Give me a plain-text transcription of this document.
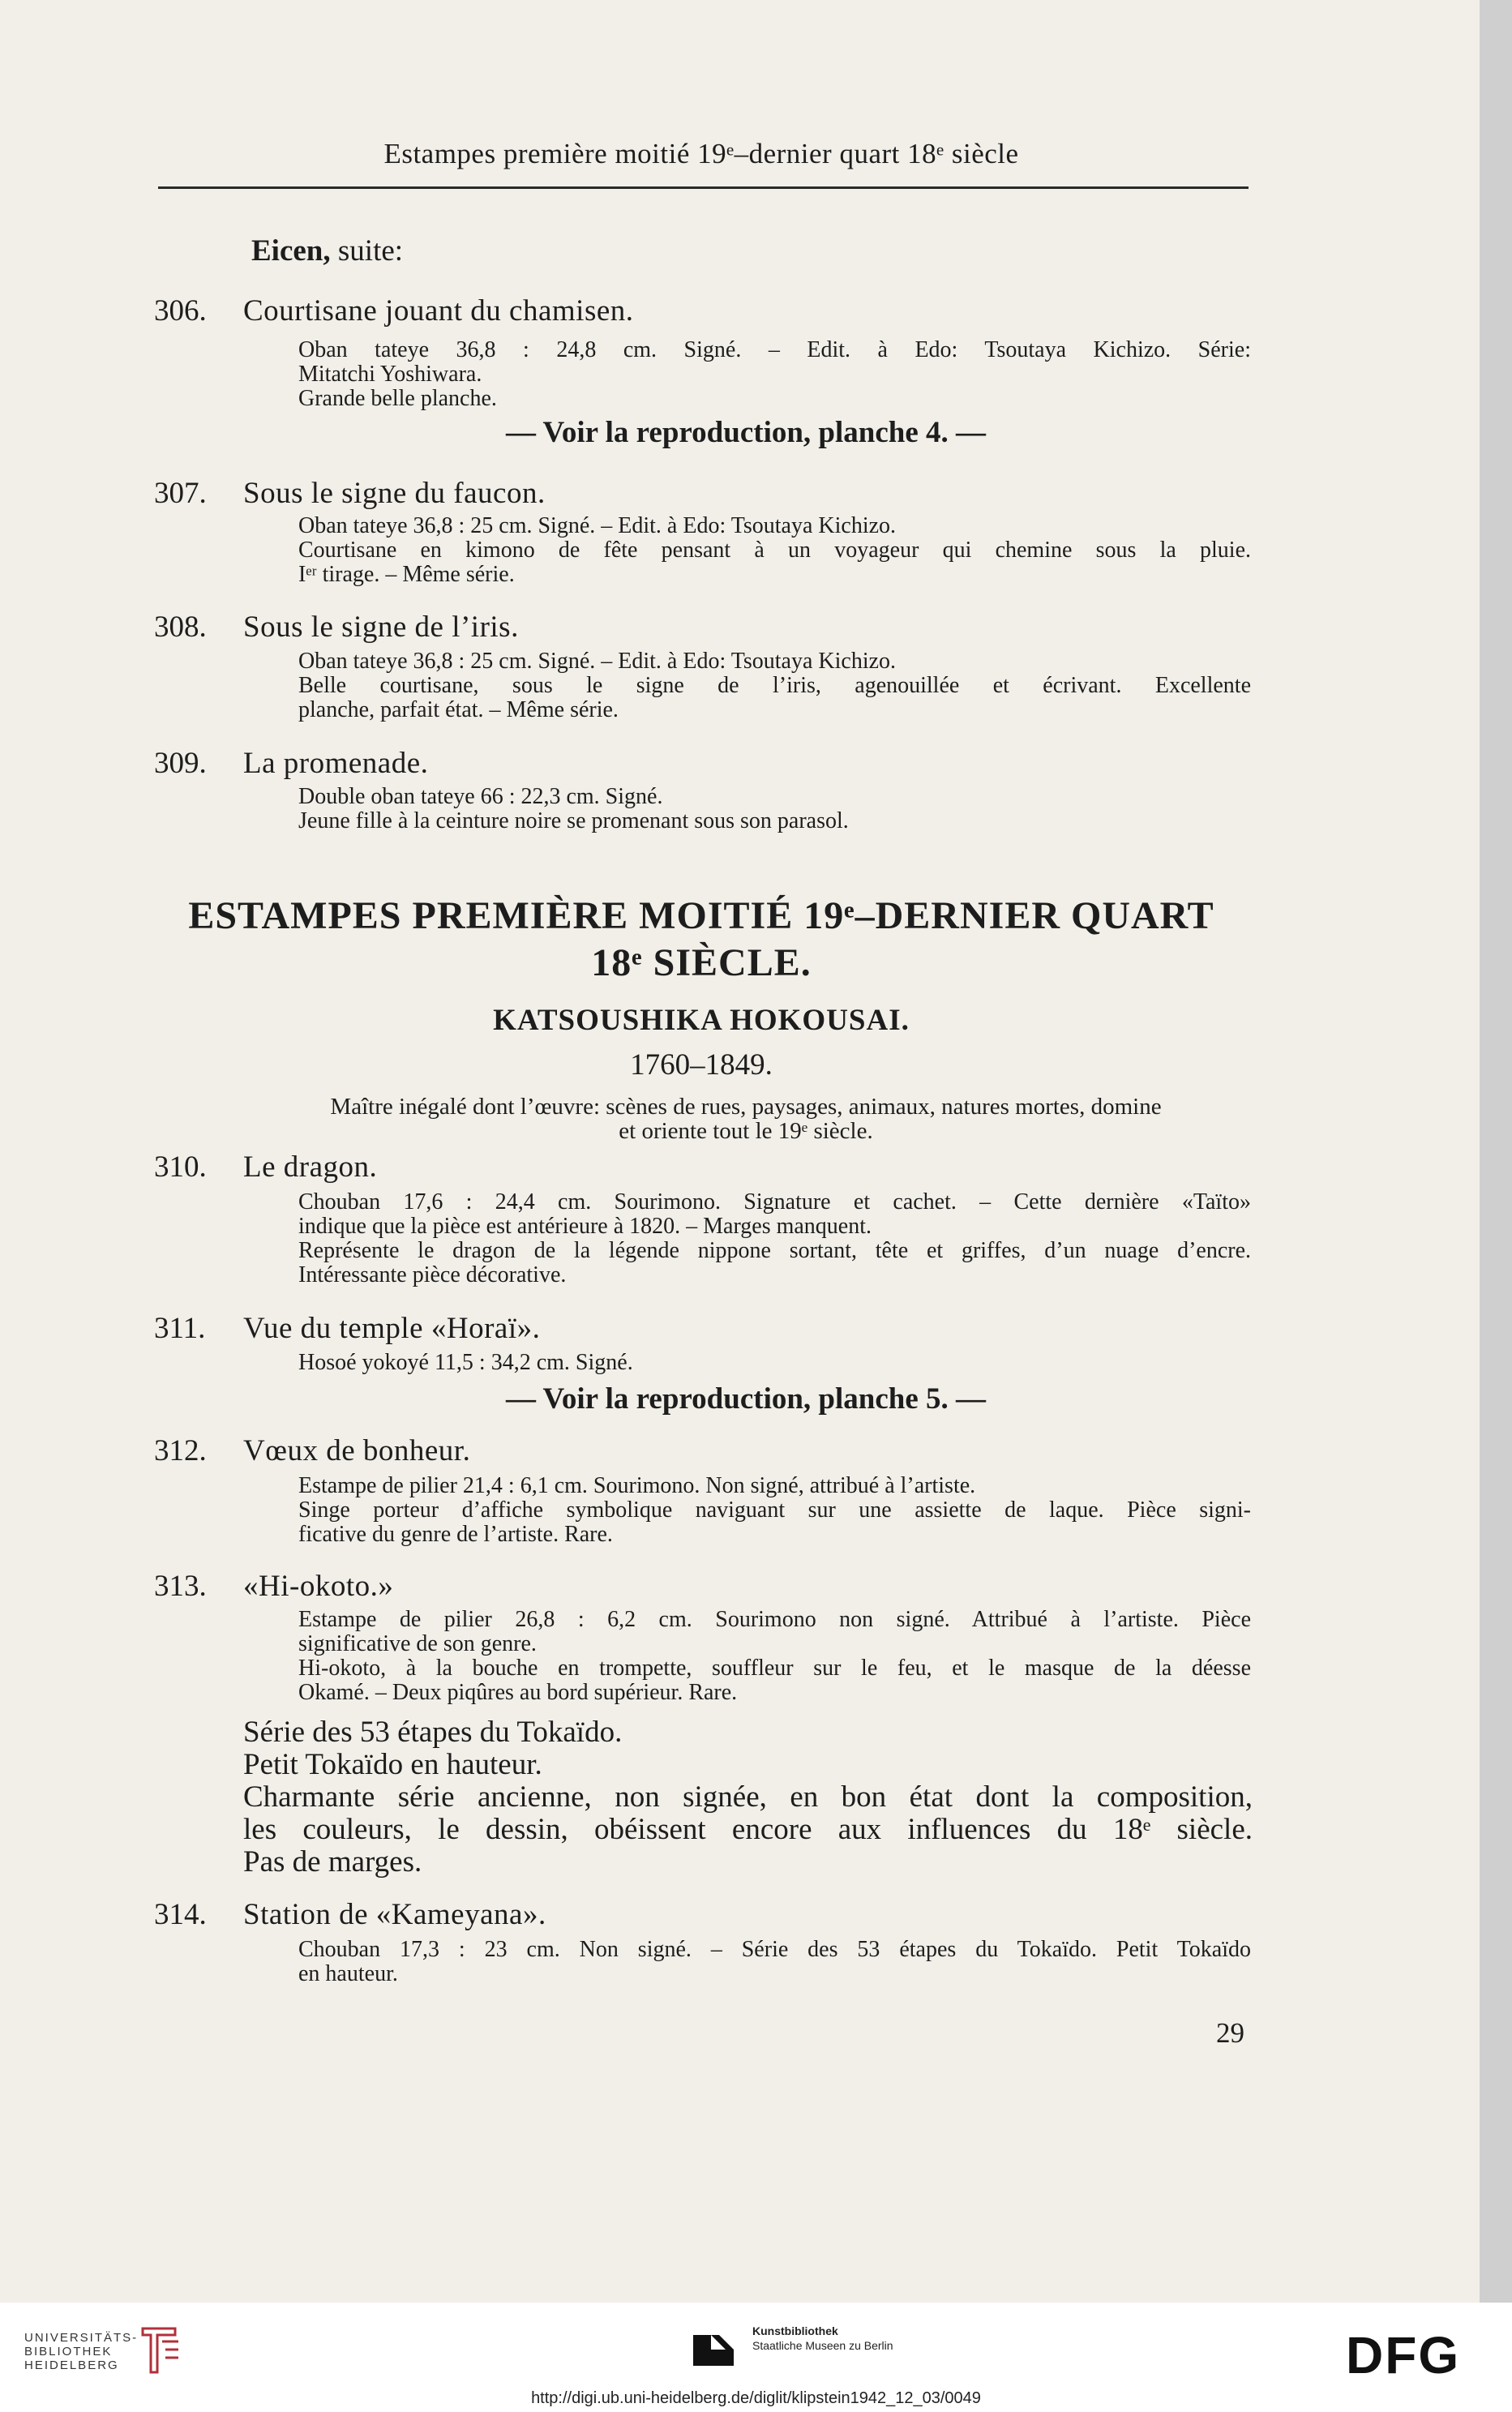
Estampes première moitié 19ᵉ–dernier quart 18ᵉ siècle
Eicen, suite:
306. Courtisane jouant du chamisen.
Oban tateye 36,8 : 24,8 cm. Signé. – Edit. à Edo: Tsoutaya Kichizo. Série:
Mitatchi Yoshiwara.
Grande belle planche.
— Voir la reproduction, planche 4. —
307. Sous le signe du faucon.
Oban tateye 36,8 : 25 cm. Signé. – Edit. à Edo: Tsoutaya Kichizo.
Courtisane en kimono de fête pensant à un voyageur qui chemine sous la pluie.
Iᵉʳ tirage. – Même série.
308. Sous le signe de l’iris.
Oban tateye 36,8 : 25 cm. Signé. – Edit. à Edo: Tsoutaya Kichizo.
Belle courtisane, sous le signe de l’iris, agenouillée et écrivant. Excellente
planche, parfait état. – Même série.
309. La promenade.
Double oban tateye 66 : 22,3 cm. Signé.
Jeune fille à la ceinture noire se promenant sous son parasol.
ESTAMPES PREMIÈRE MOITIÉ 19ᵉ–DERNIER QUART
18ᵉ SIÈCLE.
KATSOUSHIKA HOKOUSAI.
1760–1849.
Maître inégalé dont l’œuvre: scènes de rues, paysages, animaux, natures mortes, domine
et oriente tout le 19ᵉ siècle.
310. Le dragon.
Chouban 17,6 : 24,4 cm. Sourimono. Signature et cachet. – Cette dernière «Taïto»
indique que la pièce est antérieure à 1820. – Marges manquent.
Représente le dragon de la légende nippone sortant, tête et griffes, d’un nuage d’encre.
Intéressante pièce décorative.
311. Vue du temple «Horaï».
Hosoé yokoyé 11,5 : 34,2 cm. Signé.
— Voir la reproduction, planche 5. —
312. Vœux de bonheur.
Estampe de pilier 21,4 : 6,1 cm. Sourimono. Non signé, attribué à l’artiste.
Singe porteur d’affiche symbolique naviguant sur une assiette de laque. Pièce signi-
ficative du genre de l’artiste. Rare.
313. «Hi-okoto.»
Estampe de pilier 26,8 : 6,2 cm. Sourimono non signé. Attribué à l’artiste. Pièce
significative de son genre.
Hi-okoto, à la bouche en trompette, souffleur sur le feu, et le masque de la déesse
Okamé. – Deux piqûres au bord supérieur. Rare.
Série des 53 étapes du Tokaïdo.
Petit Tokaïdo en hauteur.
Charmante série ancienne, non signée, en bon état dont la composition,
les couleurs, le dessin, obéissent encore aux influences du 18ᵉ siècle.
Pas de marges.
314. Station de «Kameyana».
Chouban 17,3 : 23 cm. Non signé. – Série des 53 étapes du Tokaïdo. Petit Tokaïdo
en hauteur.
29
UNIVERSITÄTS-
BIBLIOTHEK
HEIDELBERG
Kunstbibliothek
Staatliche Museen zu Berlin	DFG
http://digi.ub.uni-heidelberg.de/diglit/klipstein1942_12_03/0049
